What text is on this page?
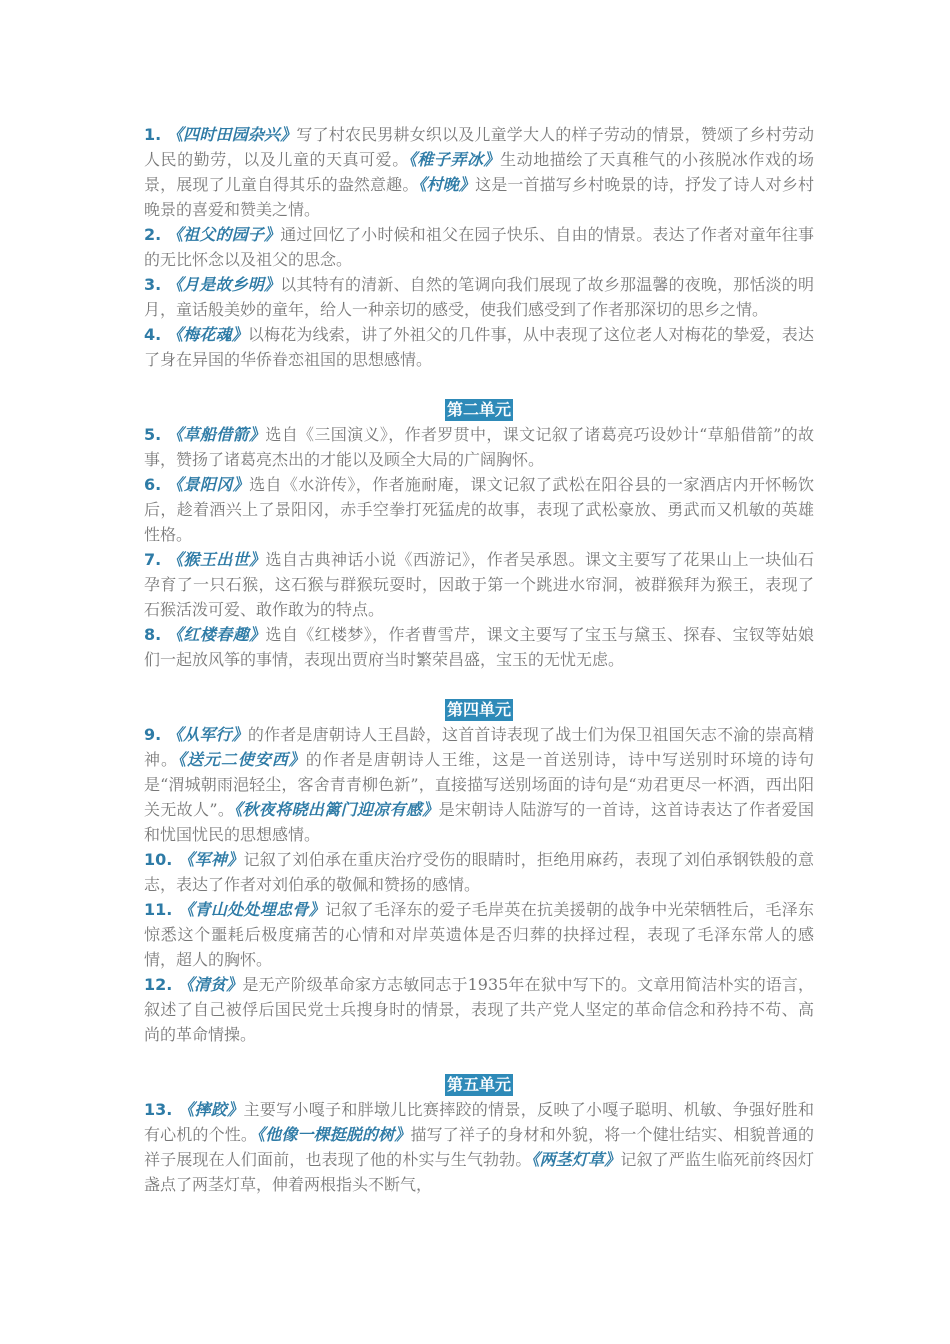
1. 《四时田园杂兴》写了村农民男耕女织以及儿童学大人的样子劳动的情景，赞颂了乡村劳动人民的勤劳，以及儿童的天真可爱。《稚子弄冰》生动地描绘了天真稚气的小孩脱冰作戏的场景，展现了儿童自得其乐的盎然意趣。《村晚》这是一首描写乡村晚景的诗，抒发了诗人对乡村晚景的喜爱和赞美之情。

2. 《祖父的园子》通过回忆了小时候和祖父在园子快乐、自由的情景。表达了作者对童年往事的无比怀念以及祖父的思念。

3. 《月是故乡明》以其特有的清新、自然的笔调向我们展现了故乡那温馨的夜晚，那恬淡的明月，童话般美妙的童年，给人一种亲切的感受，使我们感受到了作者那深切的思乡之情。

4. 《梅花魂》以梅花为线索，讲了外祖父的几件事，从中表现了这位老人对梅花的挚爱，表达了身在异国的华侨眷恋祖国的思想感情。

第二单元

5. 《草船借箭》选自《三国演义》，作者罗贯中，课文记叙了诸葛亮巧设妙计“草船借箭”的故事，赞扬了诸葛亮杰出的才能以及顾全大局的广阔胸怀。

6. 《景阳冈》选自《水浒传》，作者施耐庵，课文记叙了武松在阳谷县的一家酒店内开怀畅饮后，趁着酒兴上了景阳冈，赤手空拳打死猛虎的故事，表现了武松豪放、勇武而又机敏的英雄性格。

7. 《猴王出世》选自古典神话小说《西游记》，作者吴承恩。课文主要写了花果山上一块仙石孕育了一只石猴，这石猴与群猴玩耍时，因敢于第一个跳进水帘洞，被群猴拜为猴王，表现了石猴活泼可爱、敢作敢为的特点。

8. 《红楼春趣》选自《红楼梦》，作者曹雪芹，课文主要写了宝玉与黛玉、探春、宝钗等姑娘们一起放风筝的事情，表现出贾府当时繁荣昌盛，宝玉的无忧无虑。

第四单元

9. 《从军行》的作者是唐朝诗人王昌龄，这首首诗表现了战士们为保卫祖国矢志不渝的崇高精神。《送元二使安西》的作者是唐朝诗人王维，这是一首送别诗，诗中写送别时环境的诗句是“渭城朝雨浥轻尘，客舍青青柳色新”，直接描写送别场面的诗句是“劝君更尽一杯酒，西出阳关无故人”。《秋夜将晓出篱门迎凉有感》是宋朝诗人陆游写的一首诗，这首诗表达了作者爱国和忧国忧民的思想感情。

10. 《军神》记叙了刘伯承在重庆治疗受伤的眼睛时，拒绝用麻药，表现了刘伯承钢铁般的意志，表达了作者对刘伯承的敬佩和赞扬的感情。

11. 《青山处处埋忠骨》记叙了毛泽东的爱子毛岸英在抗美援朝的战争中光荣牺牲后，毛泽东惊悉这个噩耗后极度痛苦的心情和对岸英遗体是否归葬的抉择过程，表现了毛泽东常人的感情，超人的胸怀。

12. 《清贫》是无产阶级革命家方志敏同志于1935年在狱中写下的。文章用简洁朴实的语言，叙述了自己被俘后国民党士兵搜身时的情景，表现了共产党人坚定的革命信念和矜持不苟、高尚的革命情操。

第五单元

13. 《摔跤》主要写小嘎子和胖墩儿比赛摔跤的情景，反映了小嘎子聪明、机敏、争强好胜和有心机的个性。《他像一棵挺脱的树》描写了祥子的身材和外貌，将一个健壮结实、相貌普通的祥子展现在人们面前，也表现了他的朴实与生气勃勃。《两茎灯草》记叙了严监生临死前终因灯盏点了两茎灯草，伸着两根指头不断气，
